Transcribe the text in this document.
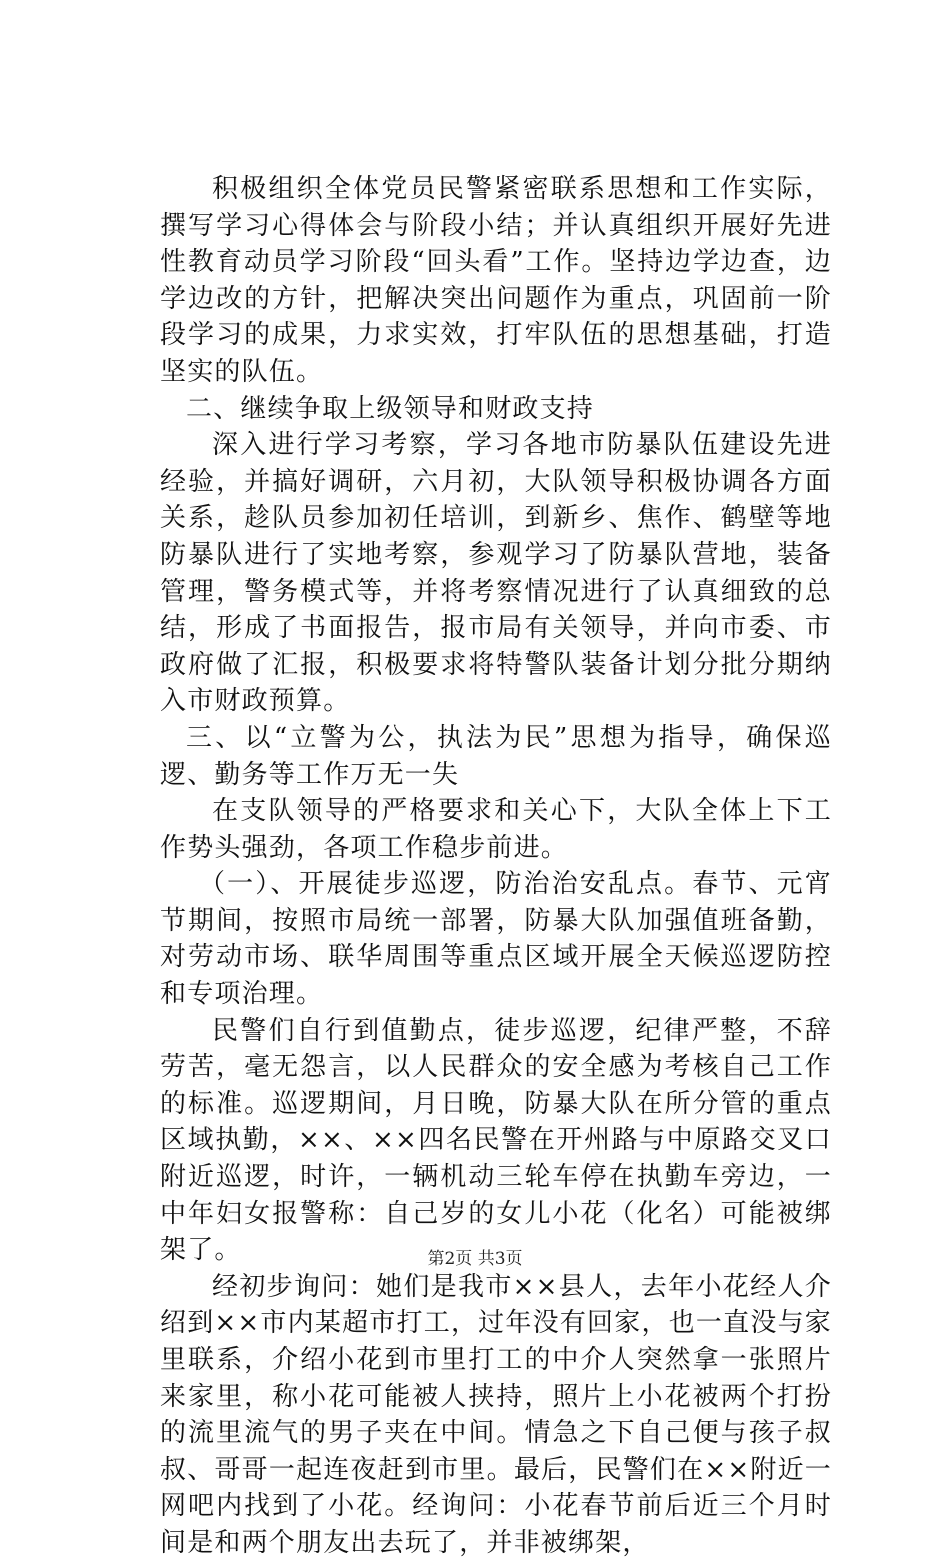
积极组织全体党员民警紧密联系思想和工作实际，撰写学习心得体会与阶段小结；并认真组织开展好先进性教育动员学习阶段“回头看”工作。坚持边学边查，边学边改的方针，把解决突出问题作为重点，巩固前一阶段学习的成果，力求实效，打牢队伍的思想基础，打造坚实的队伍。

二、继续争取上级领导和财政支持

深入进行学习考察，学习各地市防暴队伍建设先进经验，并搞好调研，六月初，大队领导积极协调各方面关系，趁队员参加初任培训，到新乡、焦作、鹤壁等地防暴队进行了实地考察，参观学习了防暴队营地，装备管理，警务模式等，并将考察情况进行了认真细致的总结，形成了书面报告，报市局有关领导，并向市委、市政府做了汇报，积极要求将特警队装备计划分批分期纳入市财政预算。

三、以“立警为公，执法为民”思想为指导，确保巡逻、勤务等工作万无一失

在支队领导的严格要求和关心下，大队全体上下工作势头强劲，各项工作稳步前进。

（一）、开展徒步巡逻，防治治安乱点。春节、元宵节期间，按照市局统一部署，防暴大队加强值班备勤，对劳动市场、联华周围等重点区域开展全天候巡逻防控和专项治理。

民警们自行到值勤点，徒步巡逻，纪律严整，不辞劳苦，毫无怨言，以人民群众的安全感为考核自己工作的标准。巡逻期间，月日晚，防暴大队在所分管的重点区域执勤，××、××四名民警在开州路与中原路交叉口附近巡逻，时许，一辆机动三轮车停在执勤车旁边，一中年妇女报警称：自己岁的女儿小花（化名）可能被绑架了。

经初步询问：她们是我市××县人，去年小花经人介绍到××市内某超市打工，过年没有回家，也一直没与家里联系，介绍小花到市里打工的中介人突然拿一张照片来家里，称小花可能被人挟持，照片上小花被两个打扮的流里流气的男子夹在中间。情急之下自己便与孩子叔叔、哥哥一起连夜赶到市里。最后，民警们在××附近一网吧内找到了小花。经询问：小花春节前后近三个月时间是和两个朋友出去玩了，并非被绑架，

第2页 共3页
